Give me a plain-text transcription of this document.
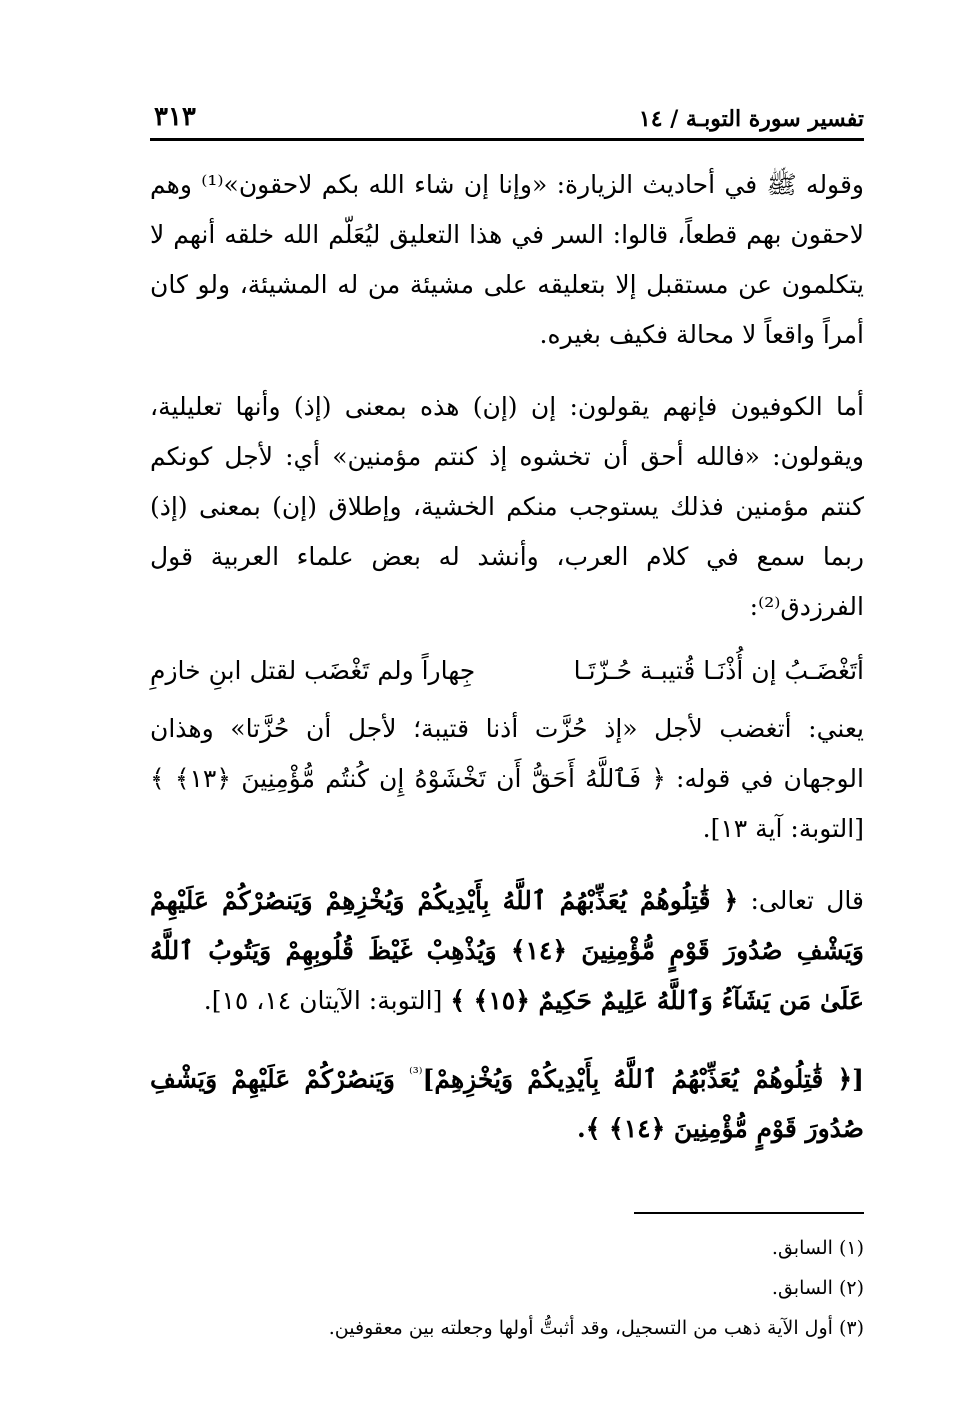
تفسير سورة التوبـة / ١٤
٣١٣

وقوله ﷺ في أحاديث الزيارة: «وإنا إن شاء الله بكم لاحقون»⁽¹⁾ وهم لاحقون بهم قطعاً، قالوا: السر في هذا التعليق ليُعَلّم الله خلقه أنهم لا يتكلمون عن مستقبل إلا بتعليقه على مشيئة من له المشيئة، ولو كان أمراً واقعاً لا محالة فكيف بغيره.

أما الكوفيون فإنهم يقولون: إن (إن) هذه بمعنى (إذ) وأنها تعليلية، ويقولون: «فالله أحق أن تخشوه إذ كنتم مؤمنين» أي: لأجل كونكم كنتم مؤمنين فذلك يستوجب منكم الخشية، وإطلاق (إن) بمعنى (إذ) ربما سمع في كلام العرب، وأنشد له بعض علماء العربية قول الفرزدق⁽²⁾:

أتَغْضَـبُ إن أُذْنَـا قُتيبـة حُـزّتَـا
جِهاراً ولم تَغْضَب لقتل ابنِ خازمِ

يعني: أتغضب لأجل «إذ حُزَّت أذنا قتيبة؛ لأجل أن حُزَّتا» وهذان الوجهان في قوله: ﴿ فَٱللَّهُ أَحَقُّ أَن تَخْشَوْهُ إِن كُنتُم مُّؤْمِنِينَ ﴿١٣﴾ ﴾ [التوبة: آية ١٣].

قال تعالى: ﴿ قَٰتِلُوهُمْ يُعَذِّبْهُمُ ٱللَّهُ بِأَيْدِيكُمْ وَيُخْزِهِمْ وَيَنصُرْكُمْ عَلَيْهِمْ وَيَشْفِ صُدُورَ قَوْمٍ مُّؤْمِنِينَ ﴿١٤﴾ وَيُذْهِبْ غَيْظَ قُلُوبِهِمْ وَيَتُوبُ ٱللَّهُ عَلَىٰ مَن يَشَآءُ وَٱللَّهُ عَلِيمٌ حَكِيمٌ ﴿١٥﴾ ﴾ [التوبة: الآيتان ١٤، ١٥].

[﴿ قَٰتِلُوهُمْ يُعَذِّبْهُمُ ٱللَّهُ بِأَيْدِيكُمْ وَيُخْزِهِمْ]$^{^{(3)}}$ وَيَنصُرْكُمْ عَلَيْهِمْ وَيَشْفِ صُدُورَ قَوْمٍ مُّؤْمِنِينَ ﴿١٤﴾ ﴾.

(١) السابق.

(٢) السابق.

(٣) أول الآية ذهب من التسجيل، وقد أثبتُّ أولها وجعلته بين معقوفين.
